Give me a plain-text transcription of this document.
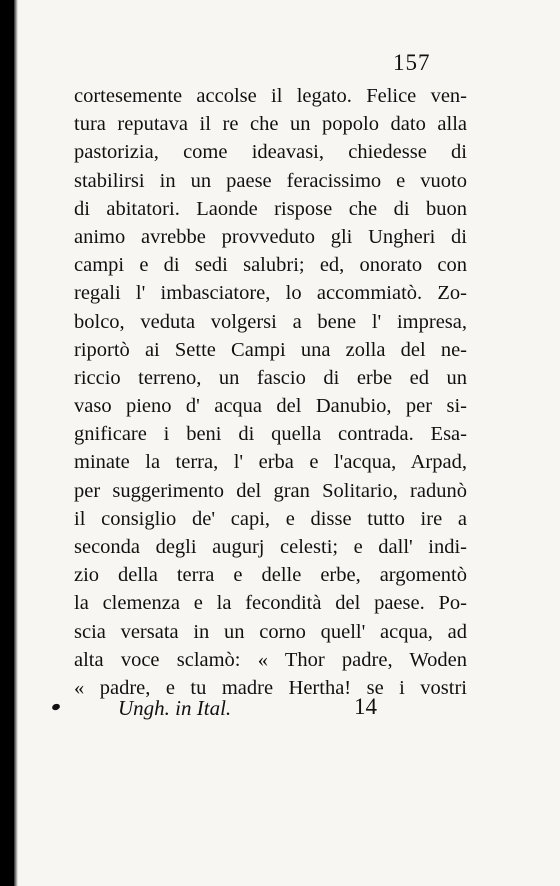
157
cortesemente accolse il legato. Felice ven-
tura reputava il re che un popolo dato alla
pastorizia, come ideavasi, chiedesse di
stabilirsi in un paese feracissimo e vuoto
di abitatori. Laonde rispose che di buon
animo avrebbe provveduto gli Ungheri di
campi e di sedi salubri; ed, onorato con
regali l' imbasciatore, lo accommiatò. Zo-
bolco, veduta volgersi a bene l' impresa,
riportò ai Sette Campi una zolla del ne-
riccio terreno, un fascio di erbe ed un
vaso pieno d' acqua del Danubio, per si-
gnificare i beni di quella contrada. Esa-
minate la terra, l' erba e l'acqua, Arpad,
per suggerimento del gran Solitario, radunò
il consiglio de' capi, e disse tutto ire a
seconda degli augurj celesti; e dall' indi-
zio della terra e delle erbe, argomentò
la clemenza e la fecondità del paese. Po-
scia versata in un corno quell' acqua, ad
alta voce sclamò: « Thor padre, Woden
« padre, e tu madre Hertha! se i vostri
Ungh. in Ital.	14
